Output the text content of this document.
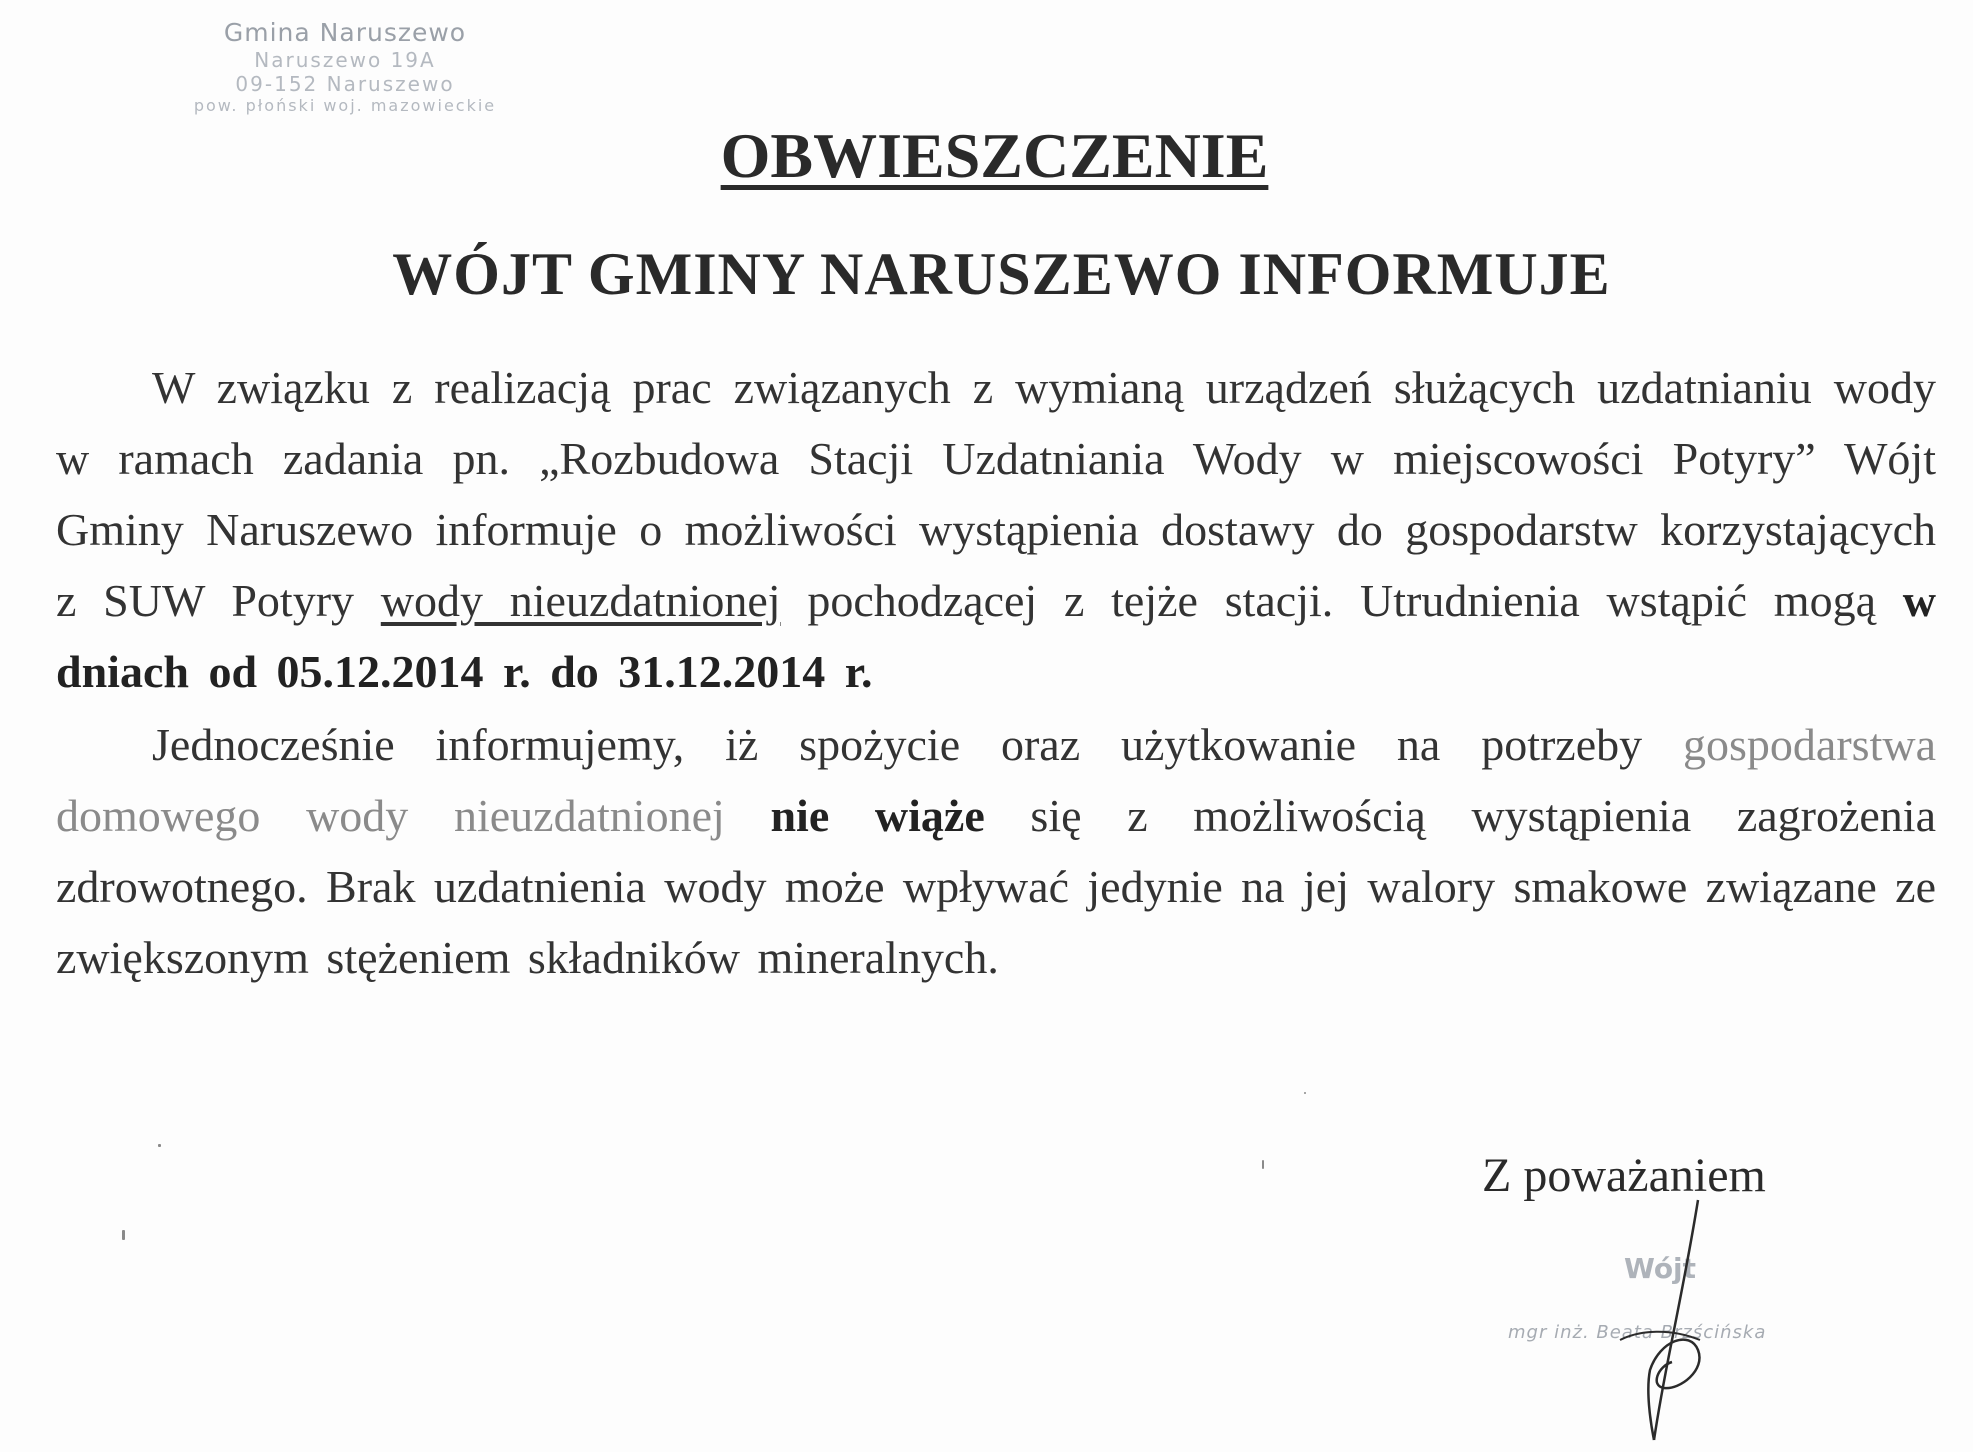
Gmina Naruszewo
Naruszewo 19A
09-152 Naruszewo
pow. płoński woj. mazowieckie
OBWIESZCZENIE
WÓJT GMINY NARUSZEWO INFORMUJE

W związku z realizacją prac związanych z wymianą urządzeń służących uzdatnianiu wody w ramach zadania pn. „Rozbudowa Stacji Uzdatniania Wody w miejscowości Potyry” Wójt Gminy Naruszewo informuje o możliwości wystąpienia dostawy do gospodarstw korzystających z SUW Potyry wody nieuzdatnionej pochodzącej z tejże stacji. Utrudnienia wstąpić mogą w dniach od 05.12.2014 r. do 31.12.2014 r.

Jednocześnie informujemy, iż spożycie oraz użytkowanie na potrzeby gospodarstwa domowego wody nieuzdatnionej nie wiąże się z możliwością wystąpienia zagrożenia zdrowotnego. Brak uzdatnienia wody może wpływać jedynie na jej walory smakowe związane ze zwiększonym stężeniem składników mineralnych.

Z poważaniem
Wójt
mgr inż. Beata Brzścińska
